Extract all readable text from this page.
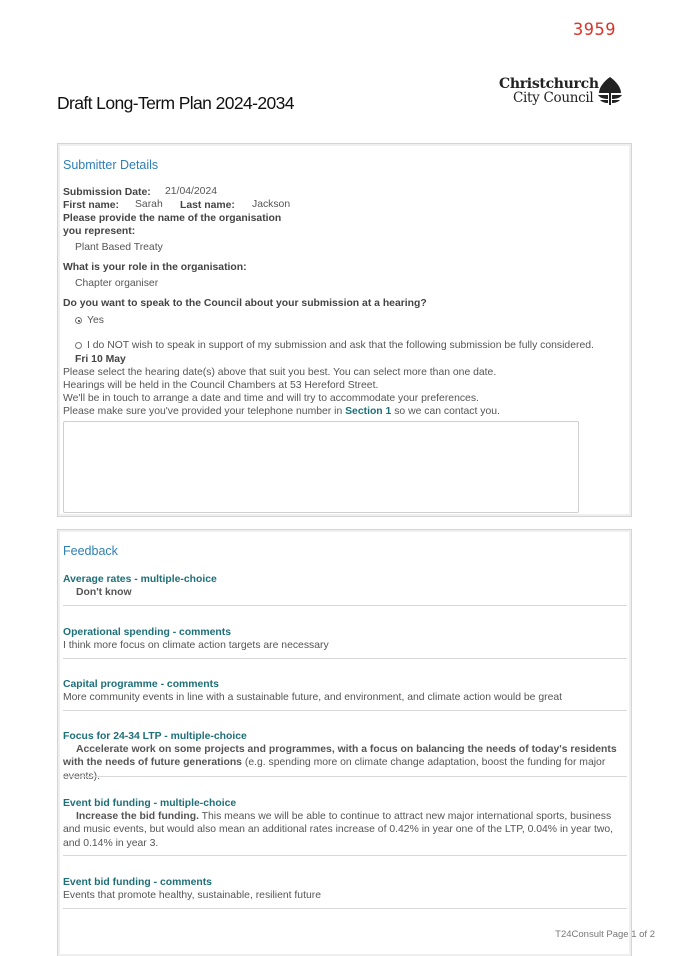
3959
Draft Long-Term Plan 2024-2034
Christchurch
City Council
Submitter Details
Submission Date: 21/04/2024
First name: Sarah Last name: Jackson
Please provide the name of the organisation
you represent:
Plant Based Treaty
What is your role in the organisation:
Chapter organiser
Do you want to speak to the Council about your submission at a hearing?
Yes
I do NOT wish to speak in support of my submission and ask that the following submission be fully considered.
Fri 10 May
Please select the hearing date(s) above that suit you best. You can select more than one date.
Hearings will be held in the Council Chambers at 53 Hereford Street.
We'll be in touch to arrange a date and time and will try to accommodate your preferences.
Please make sure you've provided your telephone number in Section 1 so we can contact you.
Feedback
Average rates - multiple-choice
Don't know
Operational spending - comments
I think more focus on climate action targets are necessary
Capital programme - comments
More community events in line with a sustainable future, and environment, and climate action would be great
Focus for 24-34 LTP - multiple-choice
Accelerate work on some projects and programmes, with a focus on balancing the needs of today's residents with the needs of future generations (e.g. spending more on climate change adaptation, boost the funding for major events).
Event bid funding - multiple-choice
Increase the bid funding. This means we will be able to continue to attract new major international sports, business and music events, but would also mean an additional rates increase of 0.42% in year one of the LTP, 0.04% in year two, and 0.14% in year 3.
Event bid funding - comments
Events that promote healthy, sustainable, resilient future
T24Consult Page 1 of 2
